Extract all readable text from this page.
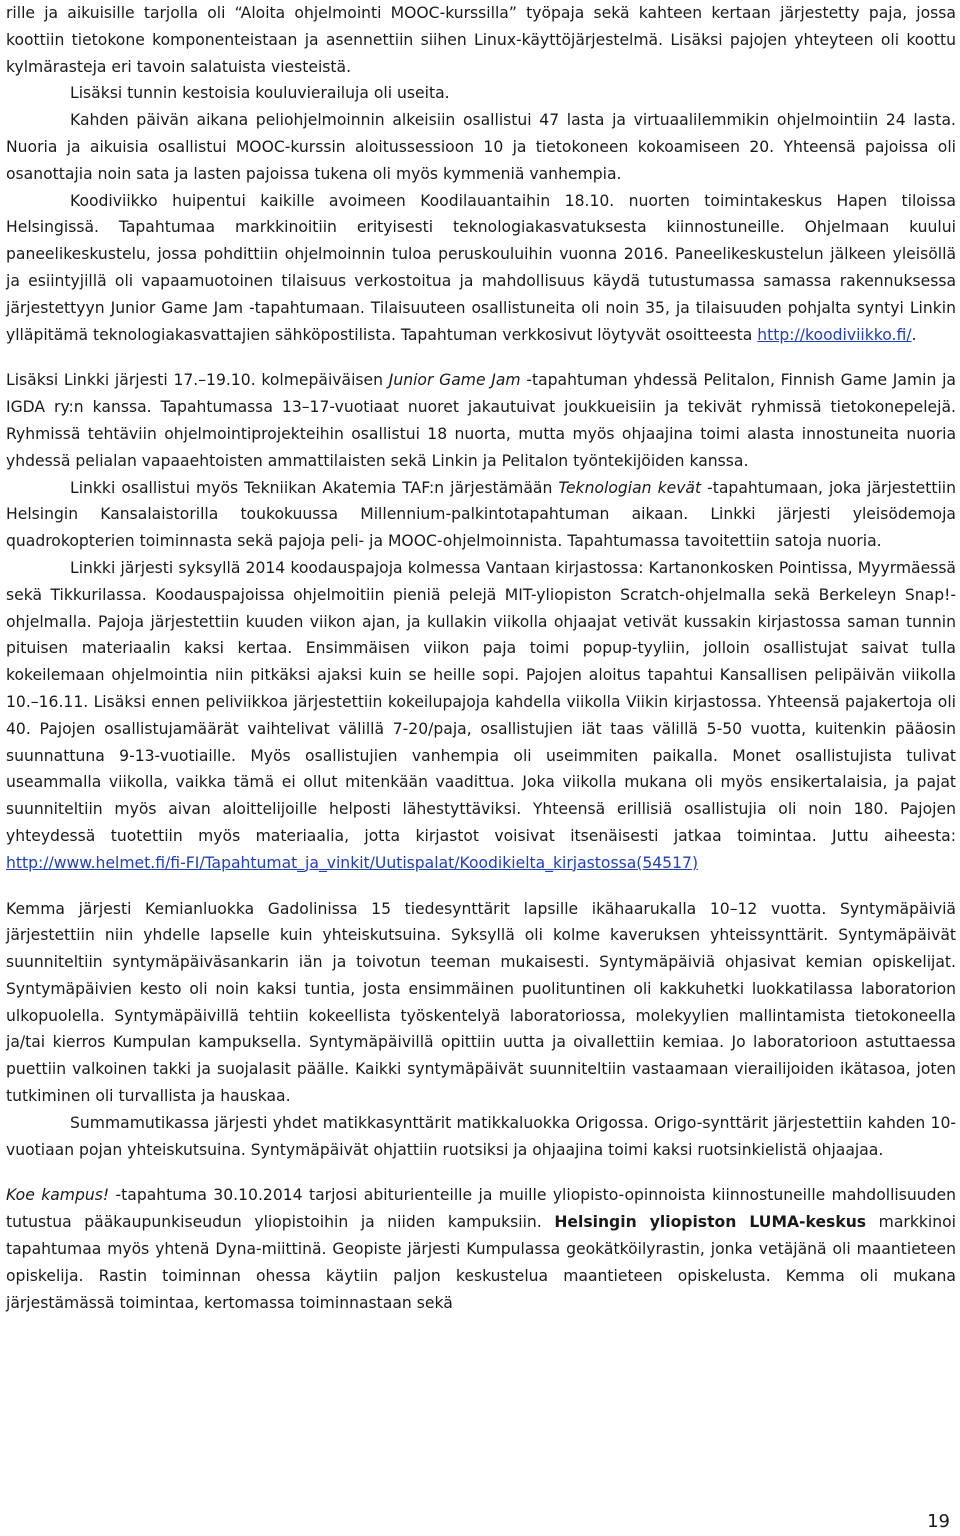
rille ja aikuisille tarjolla oli “Aloita ohjelmointi MOOC-kurssilla” työpaja sekä kahteen kertaan järjestetty paja, jossa koottiin tietokone komponenteistaan ja asennettiin siihen Linux-käyttöjärjestelmä. Lisäksi pajojen yhteyteen oli koottu kylmärasteja eri tavoin salatuista viesteistä.

Lisäksi tunnin kestoisia kouluvierailuja oli useita.

Kahden päivän aikana peliohjelmoinnin alkeisiin osallistui 47 lasta ja virtuaalilemmikin ohjelmointiin 24 lasta. Nuoria ja aikuisia osallistui MOOC-kurssin aloitussessioon 10 ja tietokoneen kokoamiseen 20. Yhteensä pajoissa oli osanottajia noin sata ja lasten pajoissa tukena oli myös kymmeniä vanhempia.

Koodiviikko huipentui kaikille avoimeen Koodilauantaihin 18.10. nuorten toimintakeskus Hapen tiloissa Helsingissä. Tapahtumaa markkinoitiin erityisesti teknologiakasvatuksesta kiinnostuneille. Ohjelmaan kuului paneelikeskustelu, jossa pohdittiin ohjelmoinnin tuloa peruskouluihin vuonna 2016. Paneelikeskustelun jälkeen yleisöllä ja esiintyjillä oli vapaamuotoinen tilaisuus verkostoitua ja mahdollisuus käydä tutustumassa samassa rakennuksessa järjestettyyn Junior Game Jam -tapahtumaan. Tilaisuuteen osallistuneita oli noin 35, ja tilaisuuden pohjalta syntyi Linkin ylläpitämä teknologiakasvattajien sähköpostilista. Tapahtuman verkkosivut löytyvät osoitteesta http://koodiviikko.fi/.

Lisäksi Linkki järjesti 17.–19.10. kolmepäiväisen Junior Game Jam -tapahtuman yhdessä Pelitalon, Finnish Game Jamin ja IGDA ry:n kanssa. Tapahtumassa 13–17-vuotiaat nuoret jakautuivat joukkueisiin ja tekivät ryhmissä tietokonepelejä. Ryhmissä tehtäviin ohjelmointiprojekteihin osallistui 18 nuorta, mutta myös ohjaajina toimi alasta innostuneita nuoria yhdessä pelialan vapaaehtoisten ammattilaisten sekä Linkin ja Pelitalon työntekijöiden kanssa.

Linkki osallistui myös Tekniikan Akatemia TAF:n järjestämään Teknologian kevät -tapahtumaan, joka järjestettiin Helsingin Kansalaistorilla toukokuussa Millennium-palkintotapahtuman aikaan. Linkki järjesti yleisödemoja quadrokopterien toiminnasta sekä pajoja peli- ja MOOC-ohjelmoinnista. Tapahtumassa tavoitettiin satoja nuoria.

Linkki järjesti syksyllä 2014 koodauspajoja kolmessa Vantaan kirjastossa: Kartanonkosken Pointissa, Myyrmäessä sekä Tikkurilassa. Koodauspajoissa ohjelmoitiin pieniä pelejä MIT-yliopiston Scratch-ohjelmalla sekä Berkeleyn Snap!-ohjelmalla. Pajoja järjestettiin kuuden viikon ajan, ja kullakin viikolla ohjaajat vetivät kussakin kirjastossa saman tunnin pituisen materiaalin kaksi kertaa. Ensimmäisen viikon paja toimi popup-tyyliin, jolloin osallistujat saivat tulla kokeilemaan ohjelmointia niin pitkäksi ajaksi kuin se heille sopi. Pajojen aloitus tapahtui Kansallisen pelipäivän viikolla 10.–16.11. Lisäksi ennen peliviikkoa järjestettiin kokeilupajoja kahdella viikolla Viikin kirjastossa. Yhteensä pajakertoja oli 40. Pajojen osallistujamäärät vaihtelivat välillä 7-20/paja, osallistujien iät taas välillä 5-50 vuotta, kuitenkin pääosin suunnattuna 9-13-vuotiaille. Myös osallistujien vanhempia oli useimmiten paikalla. Monet osallistujista tulivat useammalla viikolla, vaikka tämä ei ollut mitenkään vaadittua. Joka viikolla mukana oli myös ensikertalaisia, ja pajat suunniteltiin myös aivan aloittelijoille helposti lähestyttäviksi. Yhteensä erillisiä osallistujia oli noin 180. Pajojen yhteydessä tuotettiin myös materiaalia, jotta kirjastot voisivat itsenäisesti jatkaa toimintaa. Juttu aiheesta: http://www.helmet.fi/fi-FI/Tapahtumat_ja_vinkit/Uutispalat/Koodikielta_kirjastossa(54517)

Kemma järjesti Kemianluokka Gadolinissa 15 tiedesynttärit lapsille ikähaarukalla 10–12 vuotta. Syntymäpäiviä järjestettiin niin yhdelle lapselle kuin yhteiskutsuina. Syksyllä oli kolme kaveruksen yhteissynttärit. Syntymäpäivät suunniteltiin syntymäpäiväsankarin iän ja toivotun teeman mukaisesti. Syntymäpäiviä ohjasivat kemian opiskelijat. Syntymäpäivien kesto oli noin kaksi tuntia, josta ensimmäinen puolituntinen oli kakkuhetki luokkatilassa laboratorion ulkopuolella. Syntymäpäivillä tehtiin kokeellista työskentelyä laboratoriossa, molekyylien mallintamista tietokoneella ja/tai kierros Kumpulan kampuksella. Syntymäpäivillä opittiin uutta ja oivallettiin kemiaa. Jo laboratorioon astuttaessa puettiin valkoinen takki ja suojalasit päälle. Kaikki syntymäpäivät suunniteltiin vastaamaan vierailijoiden ikätasoa, joten tutkiminen oli turvallista ja hauskaa.

Summamutikassa järjesti yhdet matikkasynttärit matikkaluokka Origossa. Origo-synttärit järjestettiin kahden 10-vuotiaan pojan yhteiskutsuina. Syntymäpäivät ohjattiin ruotsiksi ja ohjaajina toimi kaksi ruotsinkielistä ohjaajaa.

Koe kampus! -tapahtuma 30.10.2014 tarjosi abiturienteille ja muille yliopisto-opinnoista kiinnostuneille mahdollisuuden tutustua pääkaupunkiseudun yliopistoihin ja niiden kampuksiin. Helsingin yliopiston LUMA-keskus markkinoi tapahtumaa myös yhtenä Dyna-miittinä. Geopiste järjesti Kumpulassa geokätköilyrastin, jonka vetäjänä oli maantieteen opiskelija. Rastin toiminnan ohessa käytiin paljon keskustelua maantieteen opiskelusta. Kemma oli mukana järjestämässä toimintaa, kertomassa toiminnastaan sekä

19
